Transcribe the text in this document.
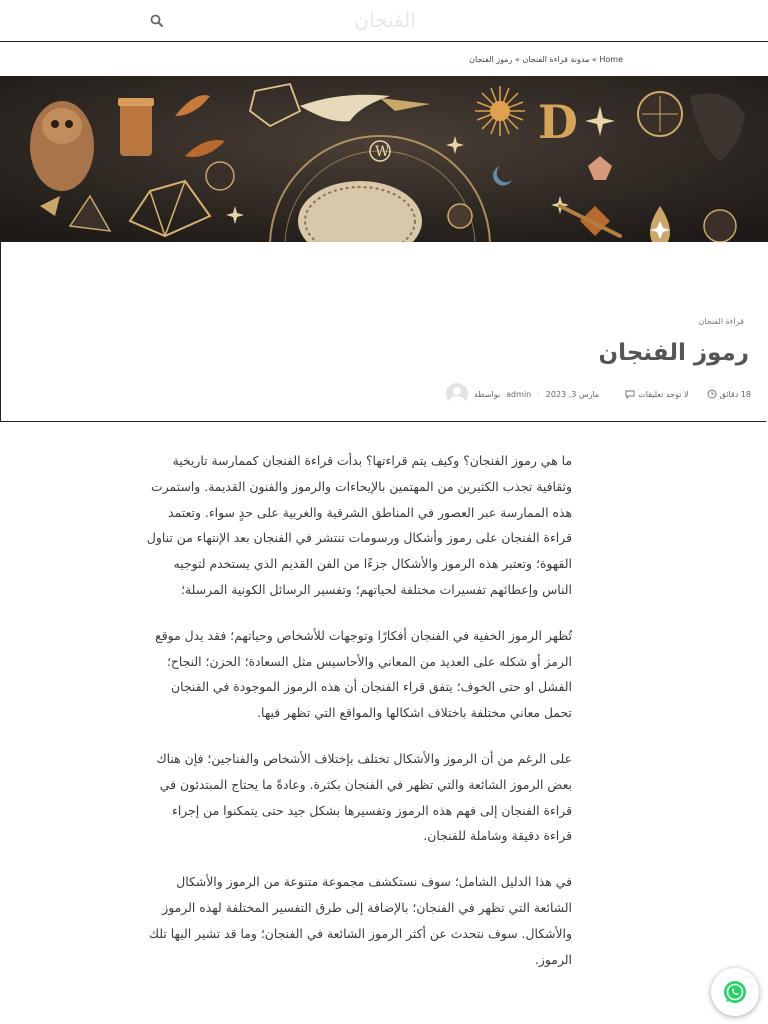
الفنجان
Home » مدونة قراءة الفنجان » رموز الفنجان
W
D
قراءة الفنجان
رموز الفنجان
بواسطة admin · مارس 3, 2023	لا توجد تعليقات	18 دقائق

ما هي رموز الفنجان؟ وكيف يتم قراءتها؟ بدأت قراءة الفنجان كممارسة تاريخية وثقافية تجذب الكثيرين من المهتمين بالإيحاءات والرموز والفنون القديمة. واستمرت هذه الممارسة عبر العصور في المناطق الشرقية والغربية على حدٍ سواء. وتعتمد قراءة الفنجان على رموز وأشكال ورسومات تنتشر في الفنجان بعد الإنتهاء من تناول القهوة؛ وتعتبر هذه الرموز والأشكال جزءًا من الفن القديم الذي يستخدم لتوجيه الناس وإعطائهم تفسيرات مختلفة لحياتهم؛ وتفسير الرسائل الكونية المرسلة؛

تُظهر الرموز الخفية في الفنجان أفكارًا وتوجهات للأشخاص وحياتهم؛ فقد يدل موقع الرمز أو شكله على العديد من المعاني والأحاسيس مثل السعادة؛ الحزن؛ النجاح؛ الفشل او حتى الخوف؛ يتفق قراء الفنجان أن هذه الرموز الموجودة في الفنجان تحمل معاني مختلفة باختلاف اشكالها والمواقع التي تظهر فيها.

على الرغم من أن الرموز والأشكال تختلف بإختلاف الأشخاص والفناجين؛ فإن هناك بعض الرموز الشائعة والتي تظهر في الفنجان بكثرة. وعادةً ما يحتاج المبتدئون في قراءة الفنجان إلى فهم هذه الرموز وتفسيرها بشكل جيد حتى يتمكنوا من إجراء قراءة دقيقة وشاملة للفنجان.

في هذا الدليل الشامل؛ سوف نستكشف مجموعة متنوعة من الرموز والأشكال الشائعة التي تظهر في الفنجان؛ بالإضافة إلى طرق التفسير المختلفة لهذه الرموز والأشكال. سوف نتحدث عن أكثر الرموز الشائعة في الفنجان؛ وما قد تشير اليها تلك الرموز.
